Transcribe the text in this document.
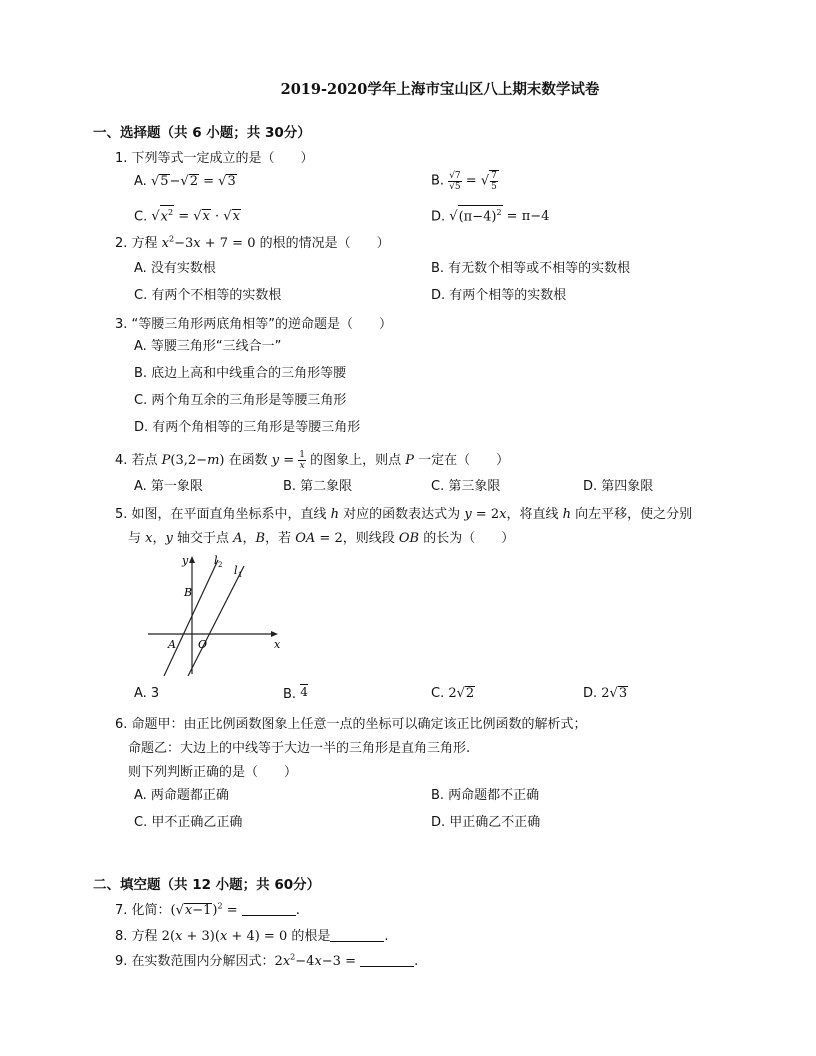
2019-2020学年上海市宝山区八上期末数学试卷
一、选择题（共 6 小题；共 30分）
1. 下列等式一定成立的是（　　）
A. √5−√2 = √3	B. $\frac{√7}{√5}$ = √ $\frac{7}{5}$
C. $√x^2 = √x \cdot √x$	D. $√(\pi-4)^2 = \pi-4$
2. 方程 $x^2-3x + 7 = 0$ 的根的情况是（　　）
A. 没有实数根	B. 有无数个相等或不相等的实数根
C. 有两个不相等的实数根	D. 有两个相等的实数根
3. “等腰三角形两底角相等”的逆命题是（　　）
A. 等腰三角形“三线合一”
B. 底边上高和中线重合的三角形等腰
C. 两个角互余的三角形是等腰三角形
D. 有两个角相等的三角形是等腰三角形
4. 若点 P(3,2−m) 在函数 $y = \frac{1}{x}$ 的图象上，则点 P 一定在（　　）
A. 第一象限	B. 第二象限	C. 第三象限	D. 第四象限
5. 如图，在平面直角坐标系中，直线 h 对应的函数表达式为 y = 2x，将直线 h 向左平移，使之分别
与 x，y 轴交于点 A，B，若 OA = 2，则线段 OB 的长为（　　）
y
x
l 2 l 1
B
A O
A. 3	B. 4	C. 2√2	D. 2√3
6. 命题甲：由正比例函数图象上任意一点的坐标可以确定该正比例函数的解析式；
命题乙：大边上的中线等于大边一半的三角形是直角三角形.
则下列判断正确的是（　　）
A. 两命题都正确	B. 两命题都不正确
C. 甲不正确乙正确	D. 甲正确乙不正确
二、填空题（共 12 小题；共 60分）
7. 化简：$(√x-1)^2$ =	.
8. 方程 2(x + 3)(x + 4) = 0 的根是	.
9. 在实数范围内分解因式：$2x^2-4x-3$ =	.
